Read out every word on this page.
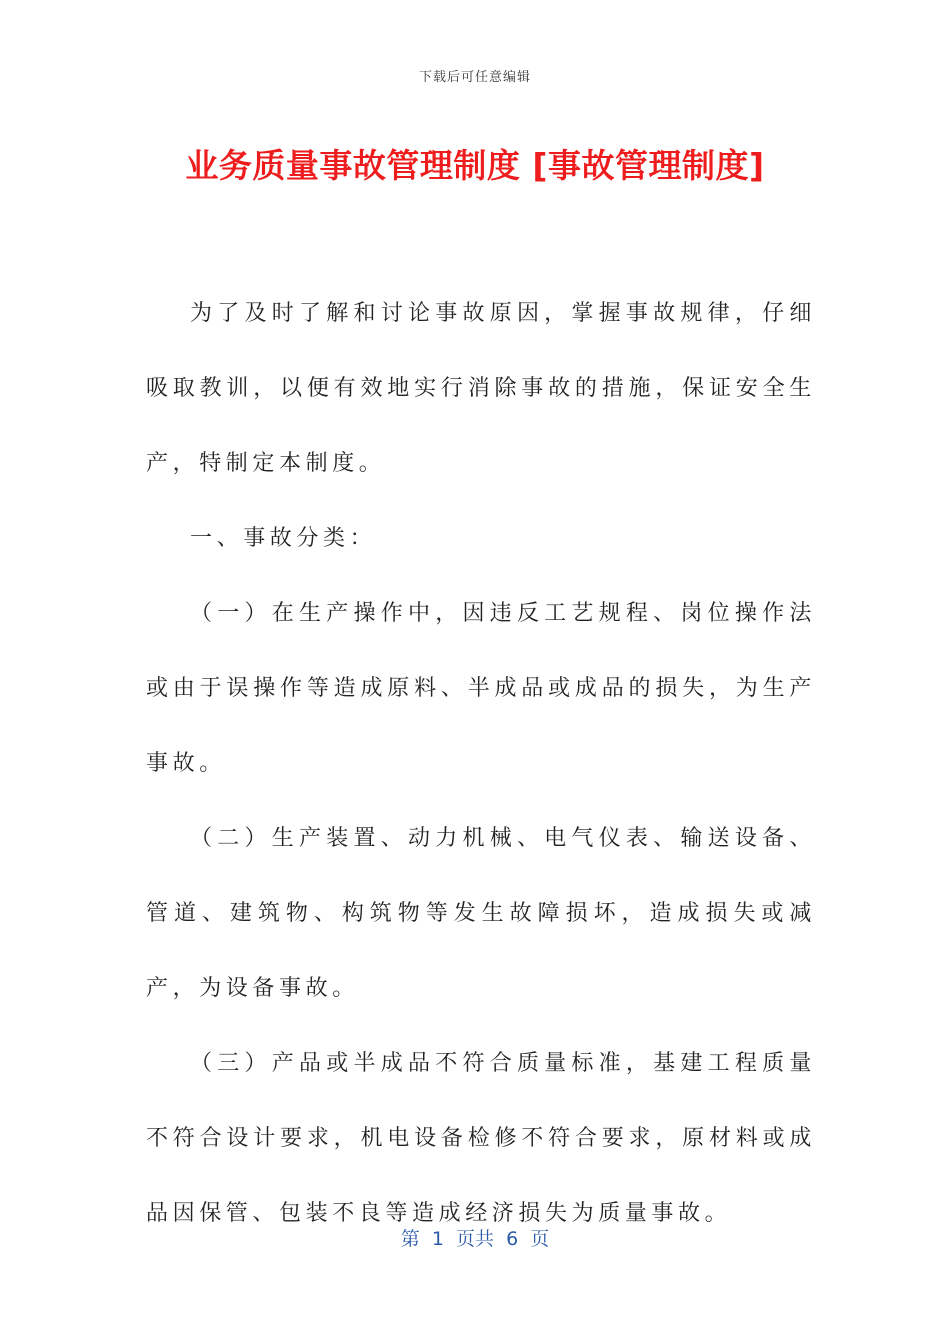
下载后可任意编辑
业务质量事故管理制度 [事故管理制度]

为了及时了解和讨论事故原因，掌握事故规律，仔细吸取教训，以便有效地实行消除事故的措施，保证安全生产，特制定本制度。

一、事故分类：

（一）在生产操作中，因违反工艺规程、岗位操作法或由于误操作等造成原料、半成品或成品的损失，为生产事故。

（二）生产装置、动力机械、电气仪表、输送设备、管道、建筑物、构筑物等发生故障损坏，造成损失或减产，为设备事故。

（三）产品或半成品不符合质量标准，基建工程质量不符合设计要求，机电设备检修不符合要求，原材料或成品因保管、包装不良等造成经济损失为质量事故。

第  1  页共  6  页
